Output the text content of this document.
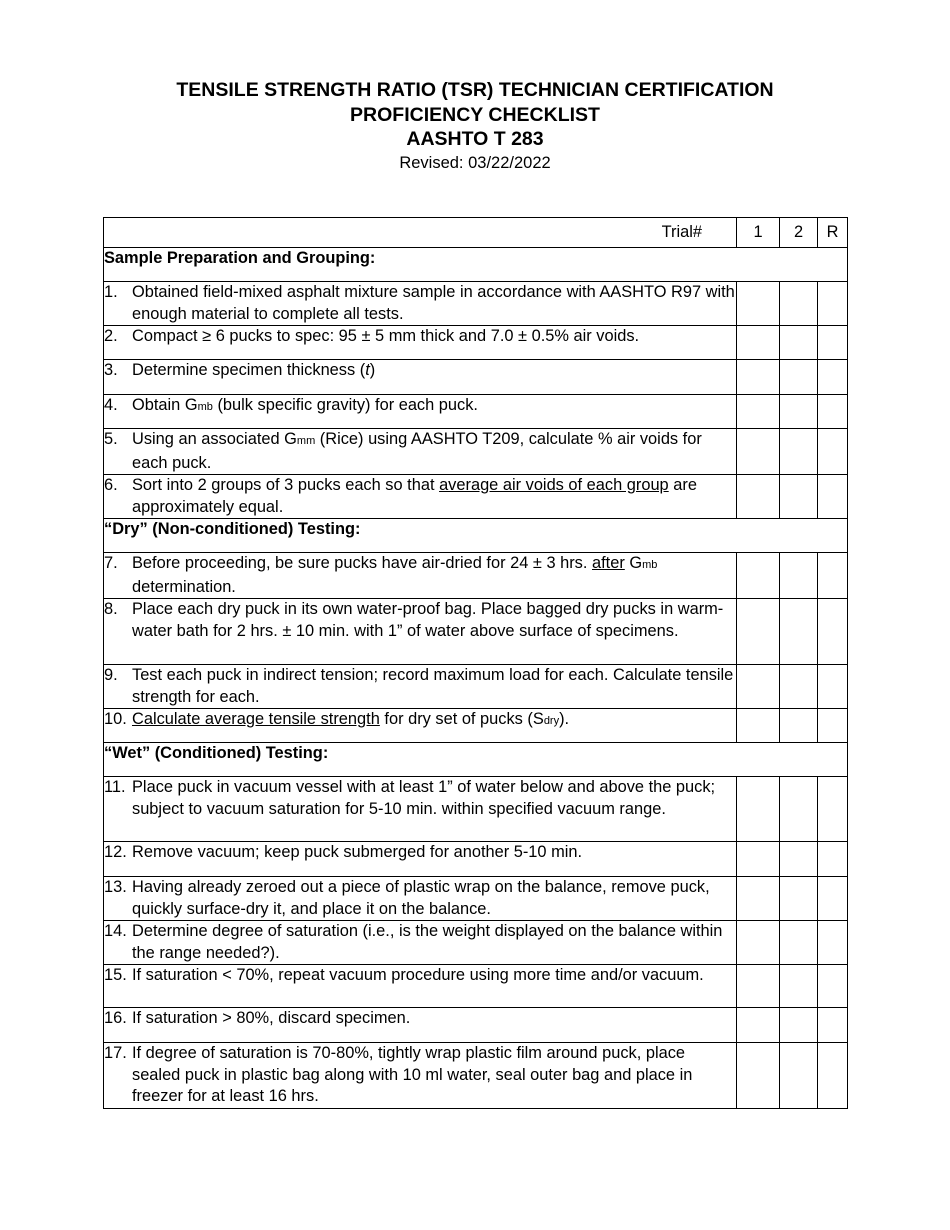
TENSILE STRENGTH RATIO (TSR) TECHNICIAN CERTIFICATION
PROFICIENCY CHECKLIST
AASHTO T 283
Revised: 03/22/2022
Trial#	1	2	R
Sample Preparation and Grouping:			

1. Obtained field-mixed asphalt mixture sample in accordance with AASHTO R97 with enough material to complete all tests.			

2. Compact ≥ 6 pucks to spec: 95 ± 5 mm thick and 7.0 ± 0.5% air voids.			

3. Determine specimen thickness (t)			

4. Obtain Gmb (bulk specific gravity) for each puck.			

5. Using an associated Gmm (Rice) using AASHTO T209, calculate % air voids for each puck.			

6. Sort into 2 groups of 3 pucks each so that average air voids of each group are approximately equal.			

“Dry” (Non-conditioned) Testing:			

7. Before proceeding, be sure pucks have air-dried for 24 ± 3 hrs. after Gmb determination.			

8. Place each dry puck in its own water-proof bag. Place bagged dry pucks in warm-water bath for 2 hrs. ± 10 min. with 1” of water above surface of specimens.			

9. Test each puck in indirect tension; record maximum load for each. Calculate tensile strength for each.			

10. Calculate average tensile strength for dry set of pucks (Sdry).			

“Wet” (Conditioned) Testing:			

11. Place puck in vacuum vessel with at least 1” of water below and above the puck; subject to vacuum saturation for 5-10 min. within specified vacuum range.			

12. Remove vacuum; keep puck submerged for another 5-10 min.			

13. Having already zeroed out a piece of plastic wrap on the balance, remove puck, quickly surface-dry it, and place it on the balance.			

14. Determine degree of saturation (i.e., is the weight displayed on the balance within the range needed?).			

15. If saturation < 70%, repeat vacuum procedure using more time and/or vacuum.			

16. If saturation > 80%, discard specimen.			

17. If degree of saturation is 70-80%, tightly wrap plastic film around puck, place sealed puck in plastic bag along with 10 ml water, seal outer bag and place in freezer for at least 16 hrs.			
